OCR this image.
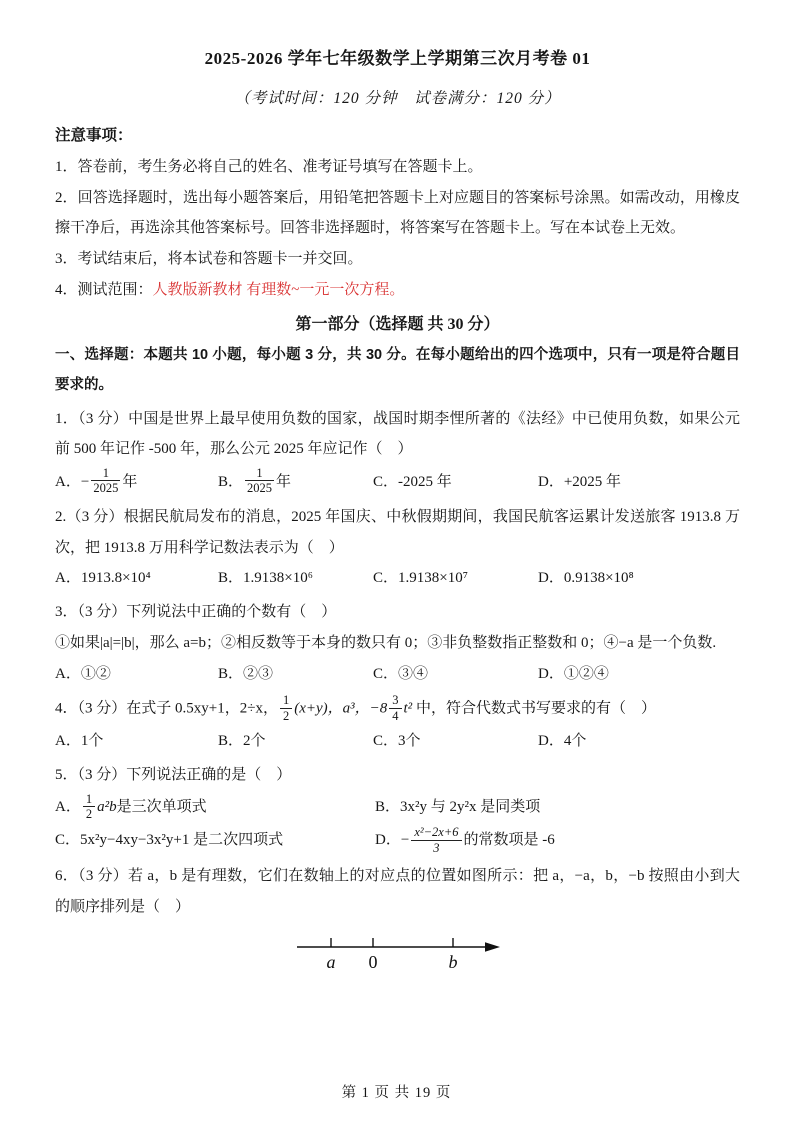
2025-2026 学年七年级数学上学期第三次月考卷 01
（考试时间：120 分钟　试卷满分：120 分）
注意事项：
1．答卷前，考生务必将自己的姓名、准考证号填写在答题卡上。
2．回答选择题时，选出每小题答案后，用铅笔把答题卡上对应题目的答案标号涂黑。如需改动，用橡皮擦干净后，再选涂其他答案标号。回答非选择题时，将答案写在答题卡上。写在本试卷上无效。
3．考试结束后，将本试卷和答题卡一并交回。
4．测试范围：人教版新教材 有理数~一元一次方程。
第一部分（选择题 共 30 分）
一、选择题：本题共 10 小题，每小题 3 分，共 30 分。在每小题给出的四个选项中，只有一项是符合题目要求的。
1．（3 分）中国是世界上最早使用负数的国家，战国时期李悝所著的《法经》中已使用负数，如果公元前 500 年记作 -500 年，那么公元 2025 年应记作（　）
A． − $\frac{1}{2025}$ 年	B． $\frac{1}{2025}$ 年	C．-2025 年	D．+2025 年
2.（3 分）根据民航局发布的消息，2025 年国庆、中秋假期期间，我国民航客运累计发送旅客 1913.8 万次，把 1913.8 万用科学记数法表示为（　）
A．1913.8×10⁴	B．1.9138×10⁶	C．1.9138×10⁷	D．0.9138×10⁸
3．（3 分）下列说法中正确的个数有（　）
①如果|a|=|b|，那么 a=b；②相反数等于本身的数只有 0；③非负整数指正整数和 0；④−a 是一个负数.
A．①②	B．②③	C．③④	D．①②④
4．（3 分）在式子 0.5xy+1，2÷x， $\frac{1}{2} (x+y)$，a³，$-8 \frac{3}{4} t^2$ 中，符合代数式书写要求的有（　）
A．1个	B．2个	C．3个	D．4个
5．（3 分）下列说法正确的是（　）
A． $\frac{1}{2} a^2b$ 是三次单项式	B．3x²y 与 2y²x 是同类项
C．5x²y−4xy−3x²y+1 是二次四项式	D． − $\frac{\text{x²−2x+6}}{3}$ 的常数项是 -6
6．（3 分）若 a，b 是有理数，它们在数轴上的对应点的位置如图所示：把 a，−a，b，−b 按照由小到大的顺序排列是（　）
a 0	b
第 1 页 共 19 页
